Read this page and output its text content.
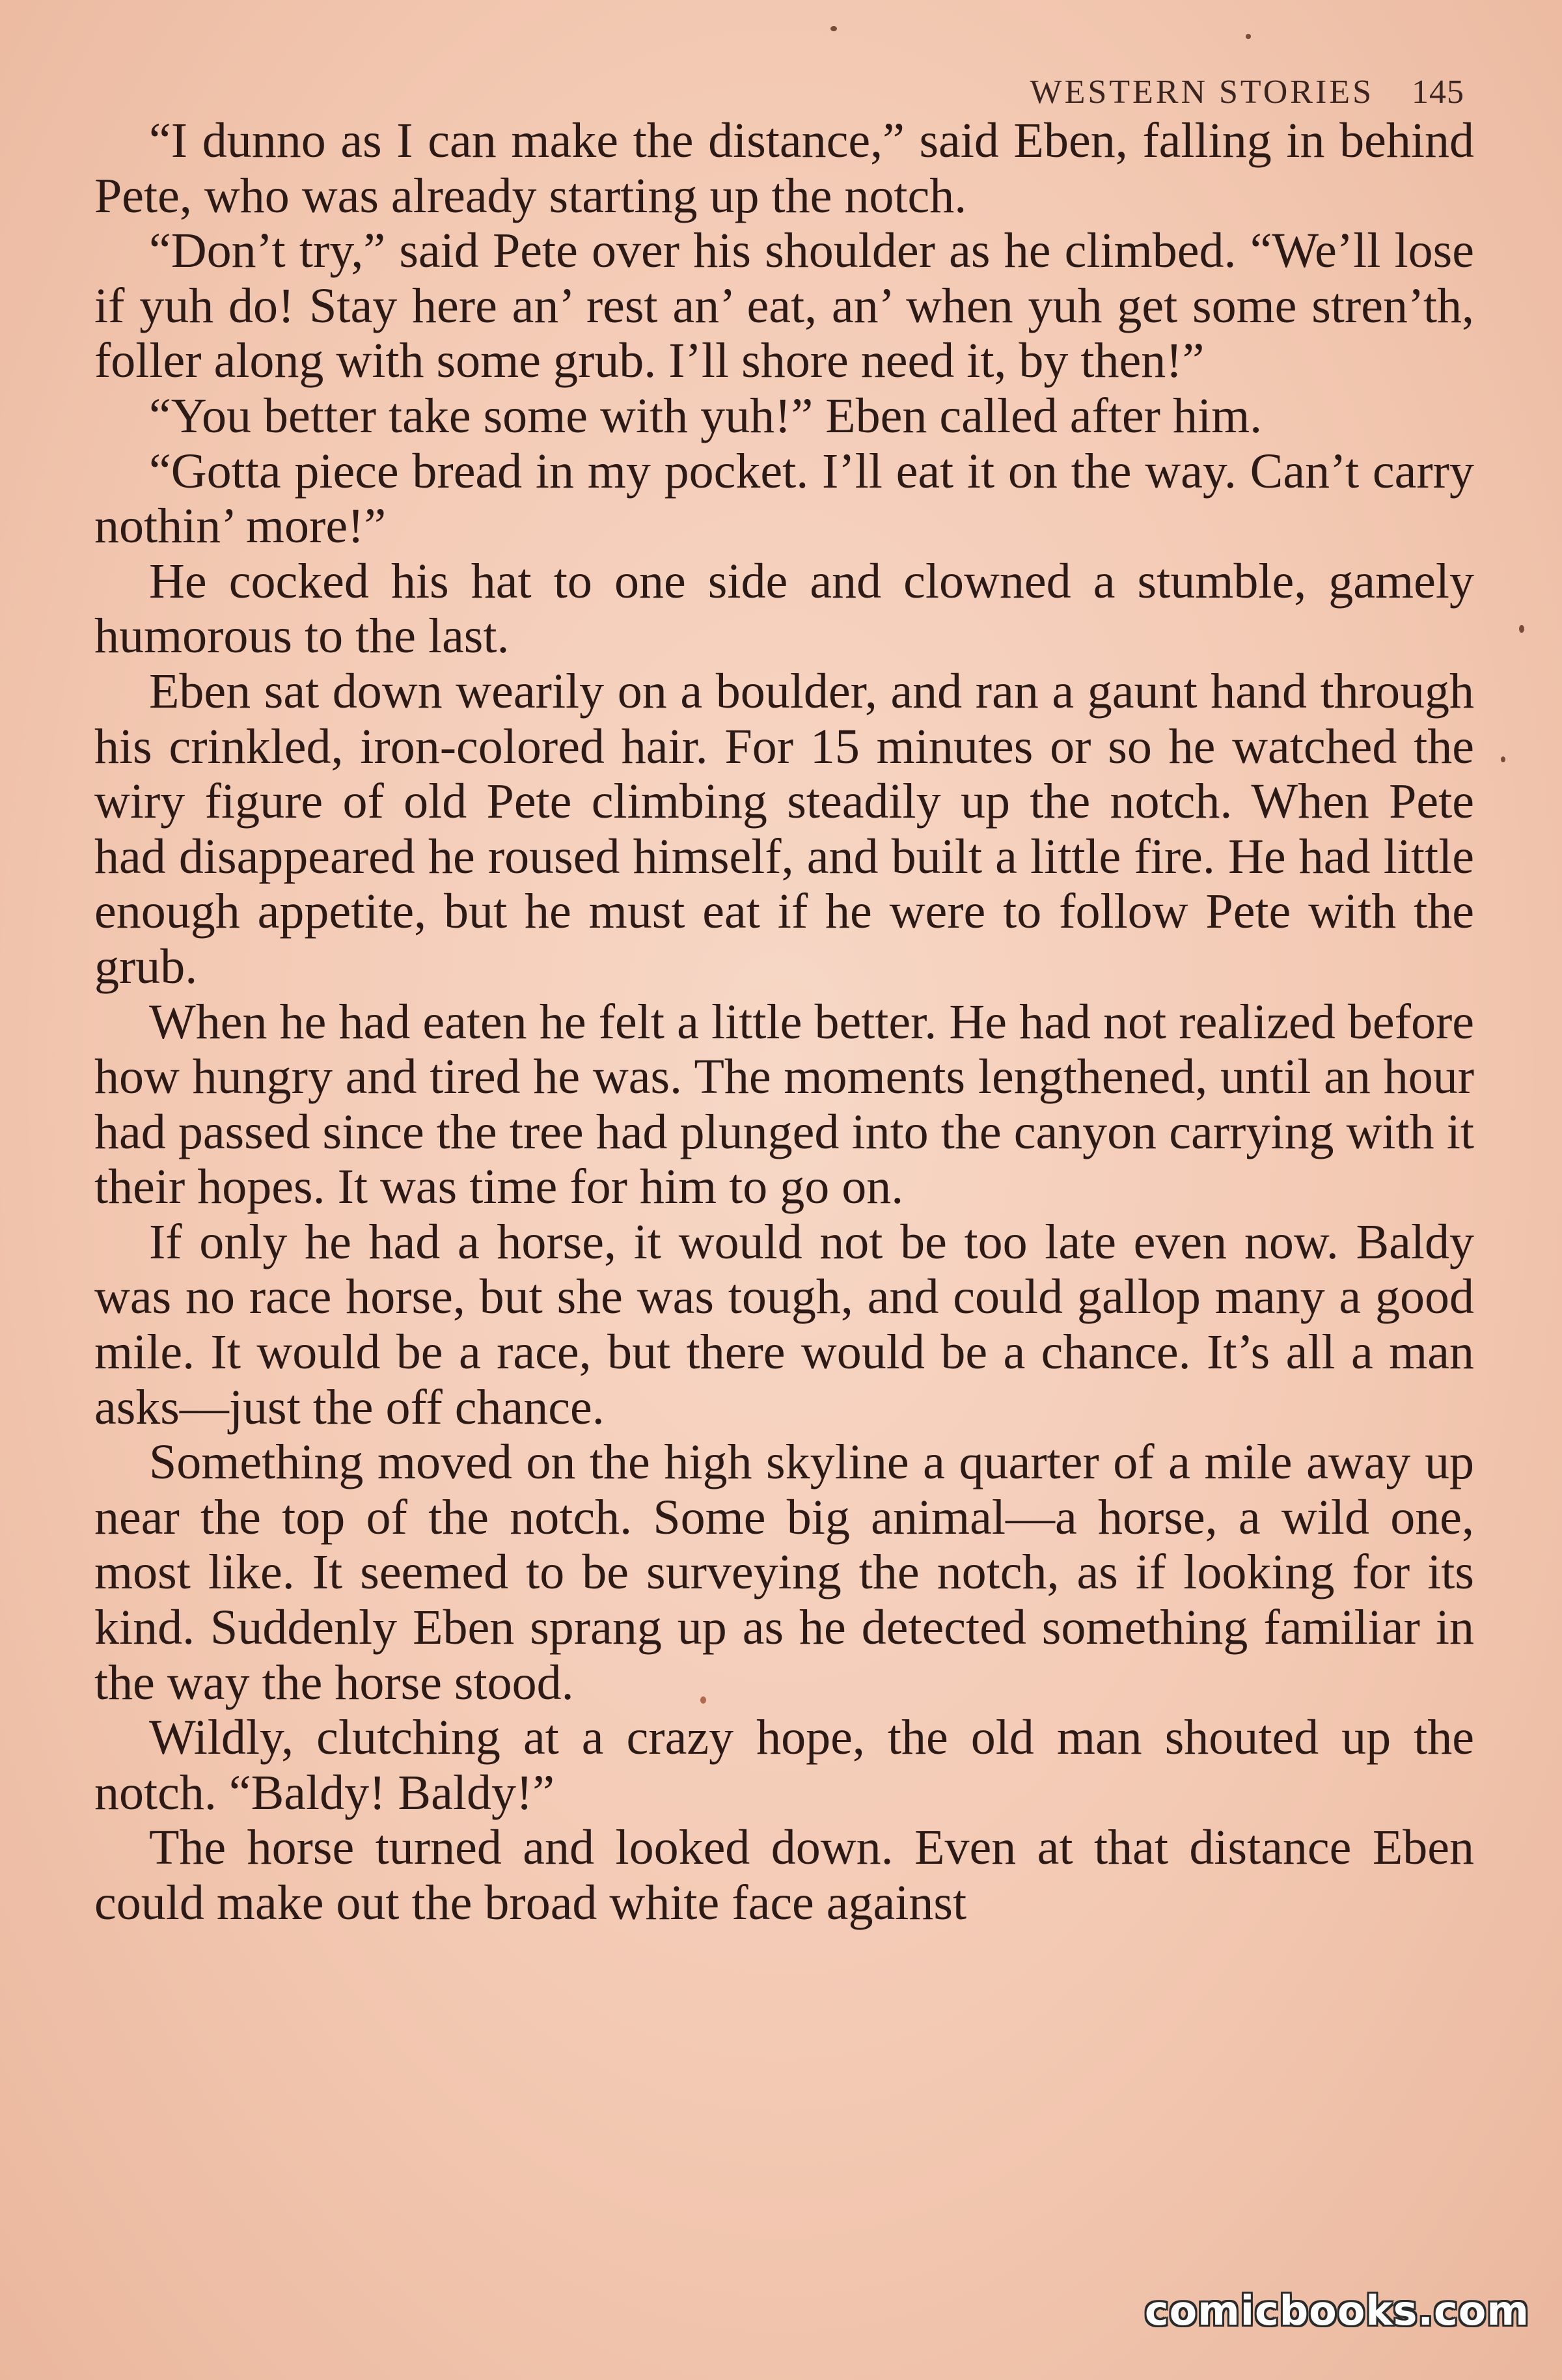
WESTERN STORIES 145

“I dunno as I can make the distance,” said Eben, falling in behind Pete, who was already starting up the notch.

“Don’t try,” said Pete over his shoulder as he climbed. “We’ll lose if yuh do! Stay here an’ rest an’ eat, an’ when yuh get some stren’th, foller along with some grub. I’ll shore need it, by then!”

“You better take some with yuh!” Eben called after him.

“Gotta piece bread in my pocket. I’ll eat it on the way. Can’t carry nothin’ more!”

He cocked his hat to one side and clowned a stumble, gamely humorous to the last.

Eben sat down wearily on a boulder, and ran a gaunt hand through his crinkled, iron-colored hair. For 15 minutes or so he watched the wiry figure of old Pete climbing steadily up the notch. When Pete had disappeared he roused himself, and built a little fire. He had little enough appetite, but he must eat if he were to follow Pete with the grub.

When he had eaten he felt a little better. He had not realized before how hungry and tired he was. The moments lengthened, until an hour had passed since the tree had plunged into the canyon carrying with it their hopes. It was time for him to go on.

If only he had a horse, it would not be too late even now. Baldy was no race horse, but she was tough, and could gallop many a good mile. It would be a race, but there would be a chance. It’s all a man asks—just the off chance.

Something moved on the high skyline a quarter of a mile away up near the top of the notch. Some big animal—a horse, a wild one, most like. It seemed to be surveying the notch, as if looking for its kind. Suddenly Eben sprang up as he detected something familiar in the way the horse stood.

Wildly, clutching at a crazy hope, the old man shouted up the notch. “Baldy! Baldy!”

The horse turned and looked down. Even at that distance Eben could make out the broad white face against

comicbooks.com
